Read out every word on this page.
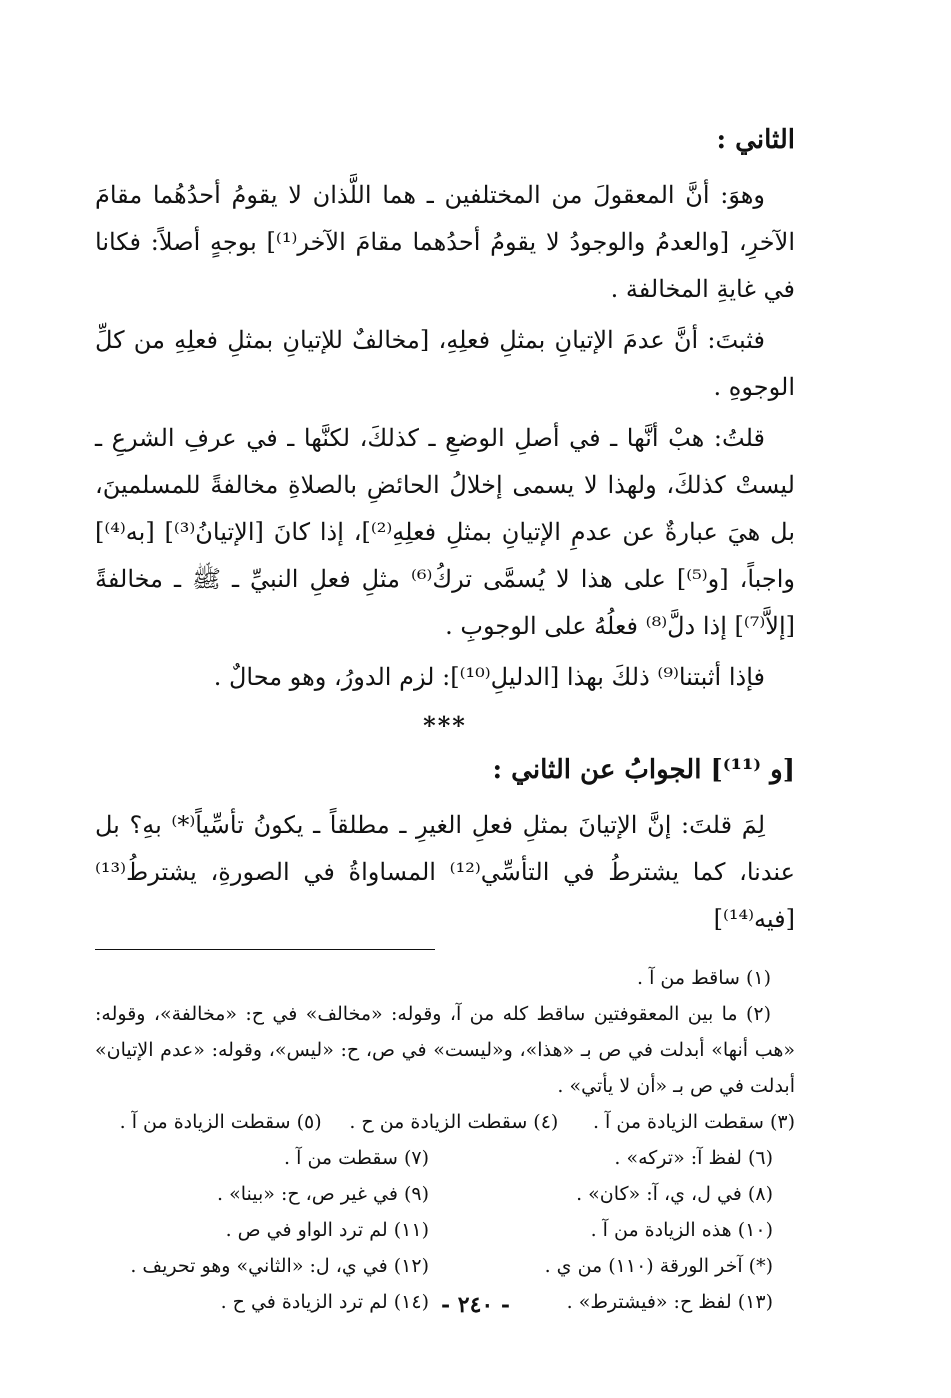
الثاني :

وهوَ: أنَّ المعقولَ من المختلفين ـ هما اللَّذان لا يقومُ أحدُهُما مقامَ الآخرِ، [والعدمُ والوجودُ لا يقومُ أحدُهما مقامَ الآخر⁽¹⁾] بوجهٍ أصلاً: فكانا في غايةِ المخالفة .

فثبتَ: أنَّ عدمَ الإتيانِ بمثلِ فعلِهِ، [مخالفٌ للإتيانِ بمثلِ فعلِهِ من كلِّ الوجوهِ .

قلتُ: هبْ أنَّها ـ في أصلِ الوضعِ ـ كذلكَ، لكنَّها ـ في عرفِ الشرعِ ـ ليستْ كذلكَ، ولهذا لا يسمى إخلالُ الحائضِ بالصلاةِ مخالفةً للمسلمينَ، بل هيَ عبارةٌ عن عدمِ الإتيانِ بمثلِ فعلِهِ⁽²⁾]، إذا كانَ [الإتيانُ⁽³⁾] [به⁽⁴⁾] واجباً، [و⁽⁵⁾] على هذا لا يُسمَّى تركُ⁽⁶⁾ مثلِ فعلِ النبيِّ ـ ﷺ ـ مخالفةً [إلاَّ⁽⁷⁾] إذا دلَّ⁽⁸⁾ فعلُهُ على الوجوبِ .

فإذا أثبتنا⁽⁹⁾ ذلكَ بهذا [الدليلِ⁽¹⁰⁾]: لزم الدورُ، وهو محالٌ .

***
[و ⁽¹¹⁾] الجوابُ عن الثاني :

لِمَ قلتَ: إنَّ الإتيانَ بمثلِ فعلِ الغيرِ ـ مطلقاً ـ يكونُ تأسِّياً⁽*⁾ بهِ؟ بل عندنا، كما يشترطُ في التأسِّي⁽¹²⁾ المساواةُ في الصورةِ، يشترطُ⁽¹³⁾ [فيه⁽¹⁴⁾]

(١) ساقط من آ .
(٢) ما بين المعقوفتين ساقط كله من آ، وقوله: «مخالف» في ح: «مخالفة»، وقوله: «هب أنها» أبدلت في ص بـ «هذا»، و«ليست» في ص، ح: «ليس»، وقوله: «عدم الإتيان» أبدلت في ص بـ «أن لا يأتي» .
(٣) سقطت الزيادة من آ .
(٤) سقطت الزيادة من ح .
(٥) سقطت الزيادة من آ .
(٦) لفظ آ: «تركه» .
(٧) سقطت من آ .
(٨) في ل، ي، آ: «كان» .
(٩) في غير ص، ح: «بينا» .
(١٠) هذه الزيادة من آ .
(١١) لم ترد الواو في ص .
(*) آخر الورقة (١١٠) من ي .
(١٢) في ي، ل: «الثاني» وهو تحريف .
(١٣) لفظ ح: «فيشترط» .
(١٤) لم ترد الزيادة في ح . - ٢٤٠ -
